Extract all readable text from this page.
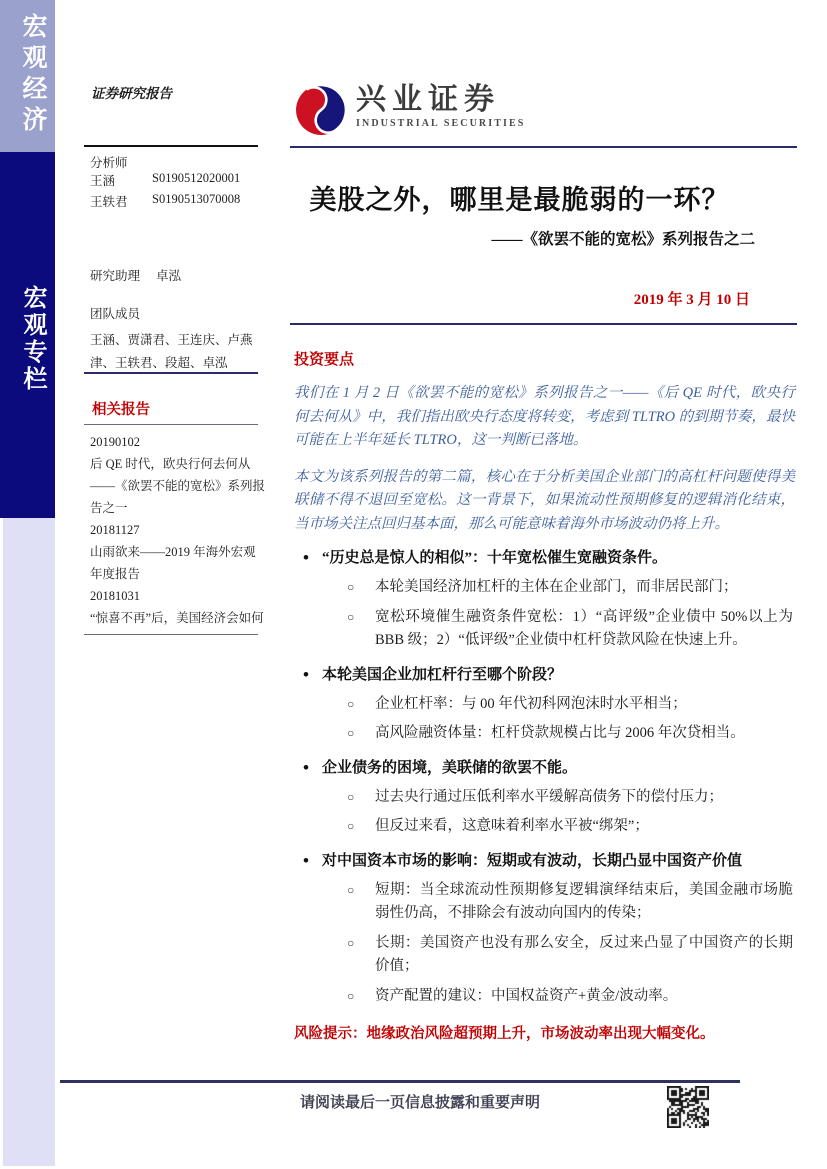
宏观经济
宏观专栏
证券研究报告
分析师
王涵	S0190512020001
王轶君	S0190513070008
研究助理 卓泓
团队成员
王涵、贾潇君、王连庆、卢燕津、王轶君、段超、卓泓
相关报告
20190102
后 QE 时代，欧央行何去何从——《欲罢不能的宽松》系列报告之一
20181127
山雨欲来——2019 年海外宏观年度报告
20181031
“惊喜不再”后，美国经济会如何
兴业证券
INDUSTRIAL SECURITIES
美股之外，哪里是最脆弱的一环？
——《欲罢不能的宽松》系列报告之二
2019 年 3 月 10 日
投资要点
我们在 1 月 2 日《欲罢不能的宽松》系列报告之一——《后 QE 时代，欧央行何去何从》中，我们指出欧央行态度将转变，考虑到 TLTRO 的到期节奏，最快可能在上半年延长 TLTRO，这一判断已落地。
本文为该系列报告的第二篇，核心在于分析美国企业部门的高杠杆问题使得美联储不得不退回至宽松。这一背景下，如果流动性预期修复的逻辑消化结束，当市场关注点回归基本面，那么可能意味着海外市场波动仍将上升。
• “历史总是惊人的相似”：十年宽松催生宽融资条件。
○	本轮美国经济加杠杆的主体在企业部门，而非居民部门；
○	宽松环境催生融资条件宽松：1）“高评级”企业债中 50%以上为 BBB 级；2）“低评级”企业债中杠杆贷款风险在快速上升。
• 本轮美国企业加杠杆行至哪个阶段？
○	企业杠杆率：与 00 年代初科网泡沫时水平相当；
○	高风险融资体量：杠杆贷款规模占比与 2006 年次贷相当。
• 企业债务的困境，美联储的欲罢不能。
○	过去央行通过压低利率水平缓解高债务下的偿付压力；
○	但反过来看，这意味着利率水平被“绑架”；
• 对中国资本市场的影响：短期或有波动，长期凸显中国资产价值
○	短期：当全球流动性预期修复逻辑演绎结束后，美国金融市场脆弱性仍高，不排除会有波动向国内的传染；
○	长期：美国资产也没有那么安全，反过来凸显了中国资产的长期价值；
○	资产配置的建议：中国权益资产+黄金/波动率。
风险提示：地缘政治风险超预期上升，市场波动率出现大幅变化。
请阅读最后一页信息披露和重要声明
